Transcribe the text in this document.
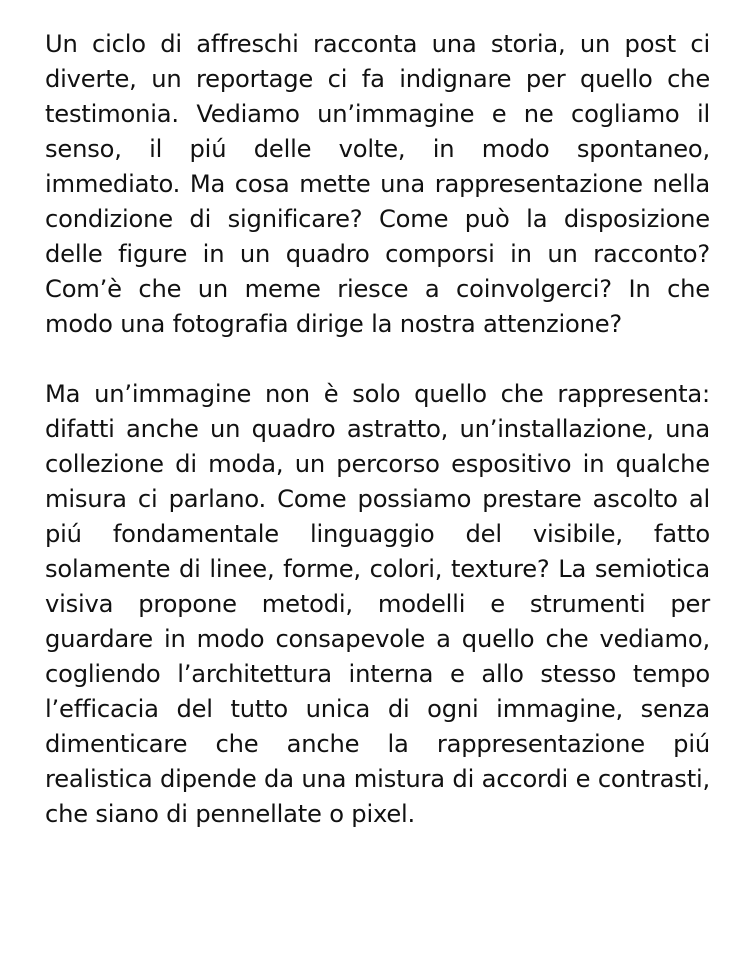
Un ciclo di affreschi racconta una storia, un post ci diverte, un reportage ci fa indignare per quello che testimonia. Vediamo un’immagine e ne cogliamo il senso, il piú delle volte, in modo spontaneo, immediato. Ma cosa mette una rappresentazione nella condizione di significare? Come può la disposizione delle figure in un quadro comporsi in un racconto? Com’è che un meme riesce a coinvolgerci? In che modo una fotografia dirige la nostra attenzione?

Ma un’immagine non è solo quello che rappresenta: difatti anche un quadro astratto, un’installazione, una collezione di moda, un percorso espositivo in qualche misura ci parlano. Come possiamo prestare ascolto al piú fondamentale linguaggio del visibile, fatto solamente di linee, forme, colori, texture? La semiotica visiva propone metodi, modelli e strumenti per guardare in modo consapevole a quello che vediamo, cogliendo l’architettura interna e allo stesso tempo l’efficacia del tutto unica di ogni immagine, senza dimenticare che anche la rappresentazione piú realistica dipende da una mistura di accordi e contrasti, che siano di pennellate o pixel.
